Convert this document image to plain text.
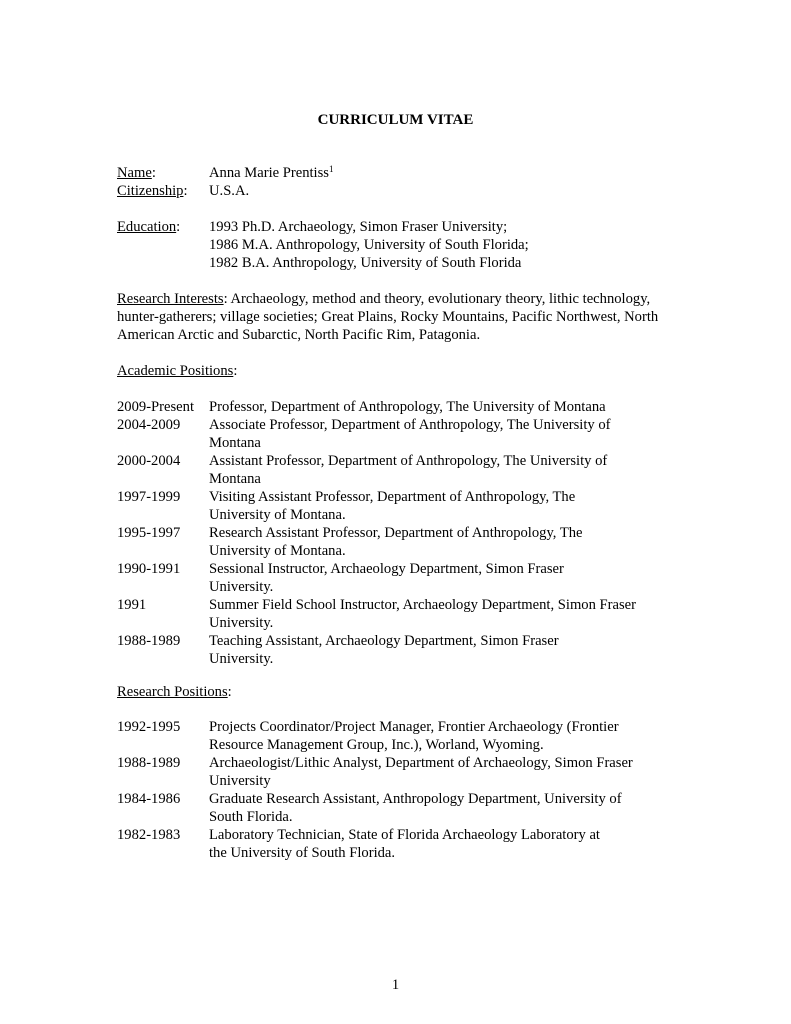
CURRICULUM VITAE
Name:	Anna Marie Prentiss$^1$
Citizenship: U.S.A.
Education: 1993 Ph.D. Archaeology, Simon Fraser University;
1986 M.A. Anthropology, University of South Florida;
1982 B.A. Anthropology, University of South Florida
Research Interests: Archaeology, method and theory, evolutionary theory, lithic technology,
hunter-gatherers; village societies; Great Plains, Rocky Mountains, Pacific Northwest, North
American Arctic and Subarctic, North Pacific Rim, Patagonia.
Academic Positions:
2009-Present Professor, Department of Anthropology, The University of Montana
2004-2009 Associate Professor, Department of Anthropology, The University of Montana
2000-2004 Assistant Professor, Department of Anthropology, The University of Montana
1997-1999 Visiting Assistant Professor, Department of Anthropology, The University of Montana.
1995-1997 Research Assistant Professor, Department of Anthropology, The University of Montana.
1990-1991 Sessional Instructor, Archaeology Department, Simon Fraser University.
1991	Summer Field School Instructor, Archaeology Department, Simon Fraser University.
1988-1989 Teaching Assistant, Archaeology Department, Simon Fraser University.
Research Positions:
1992-1995 Projects Coordinator/Project Manager, Frontier Archaeology (Frontier Resource Management Group, Inc.), Worland, Wyoming.
1988-1989 Archaeologist/Lithic Analyst, Department of Archaeology, Simon Fraser University
1984-1986 Graduate Research Assistant, Anthropology Department, University of South Florida.
1982-1983 Laboratory Technician, State of Florida Archaeology Laboratory at the University of South Florida.
1
